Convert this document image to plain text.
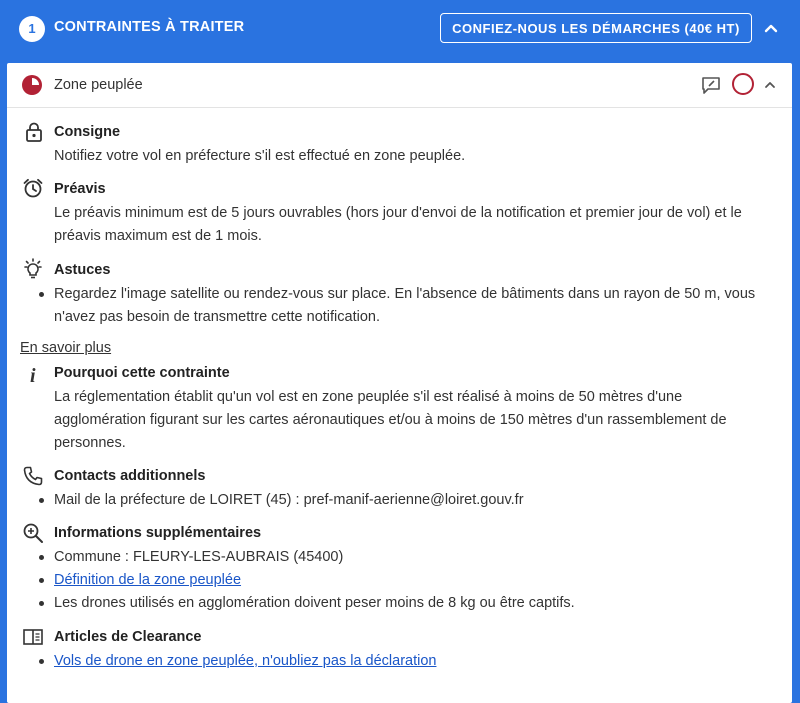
1	CONTRAINTES À TRAITER	CONFIEZ-NOUS LES DÉMARCHES (40€ HT)
Zone peuplée
Consigne
Notifiez votre vol en préfecture s'il est effectué en zone peuplée.
Préavis
Le préavis minimum est de 5 jours ouvrables (hors jour d'envoi de la notification et premier jour de vol) et le préavis maximum est de 1 mois.
Astuces
Regardez l'image satellite ou rendez-vous sur place. En l'absence de bâtiments dans un rayon de 50 m, vous n'avez pas besoin de transmettre cette notification.
En savoir plus
i Pourquoi cette contrainte
La réglementation établit qu'un vol est en zone peuplée s'il est réalisé à moins de 50 mètres d'une agglomération figurant sur les cartes aéronautiques et/ou à moins de 150 mètres d'un rassemblement de personnes.
Contacts additionnels
Mail de la préfecture de LOIRET (45) : pref-manif-aerienne@loiret.gouv.fr
Informations supplémentaires
Commune : FLEURY-LES-AUBRAIS (45400)
Définition de la zone peuplée
Les drones utilisés en agglomération doivent peser moins de 8 kg ou être captifs.
Articles de Clearance
Vols de drone en zone peuplée, n'oubliez pas la déclaration
